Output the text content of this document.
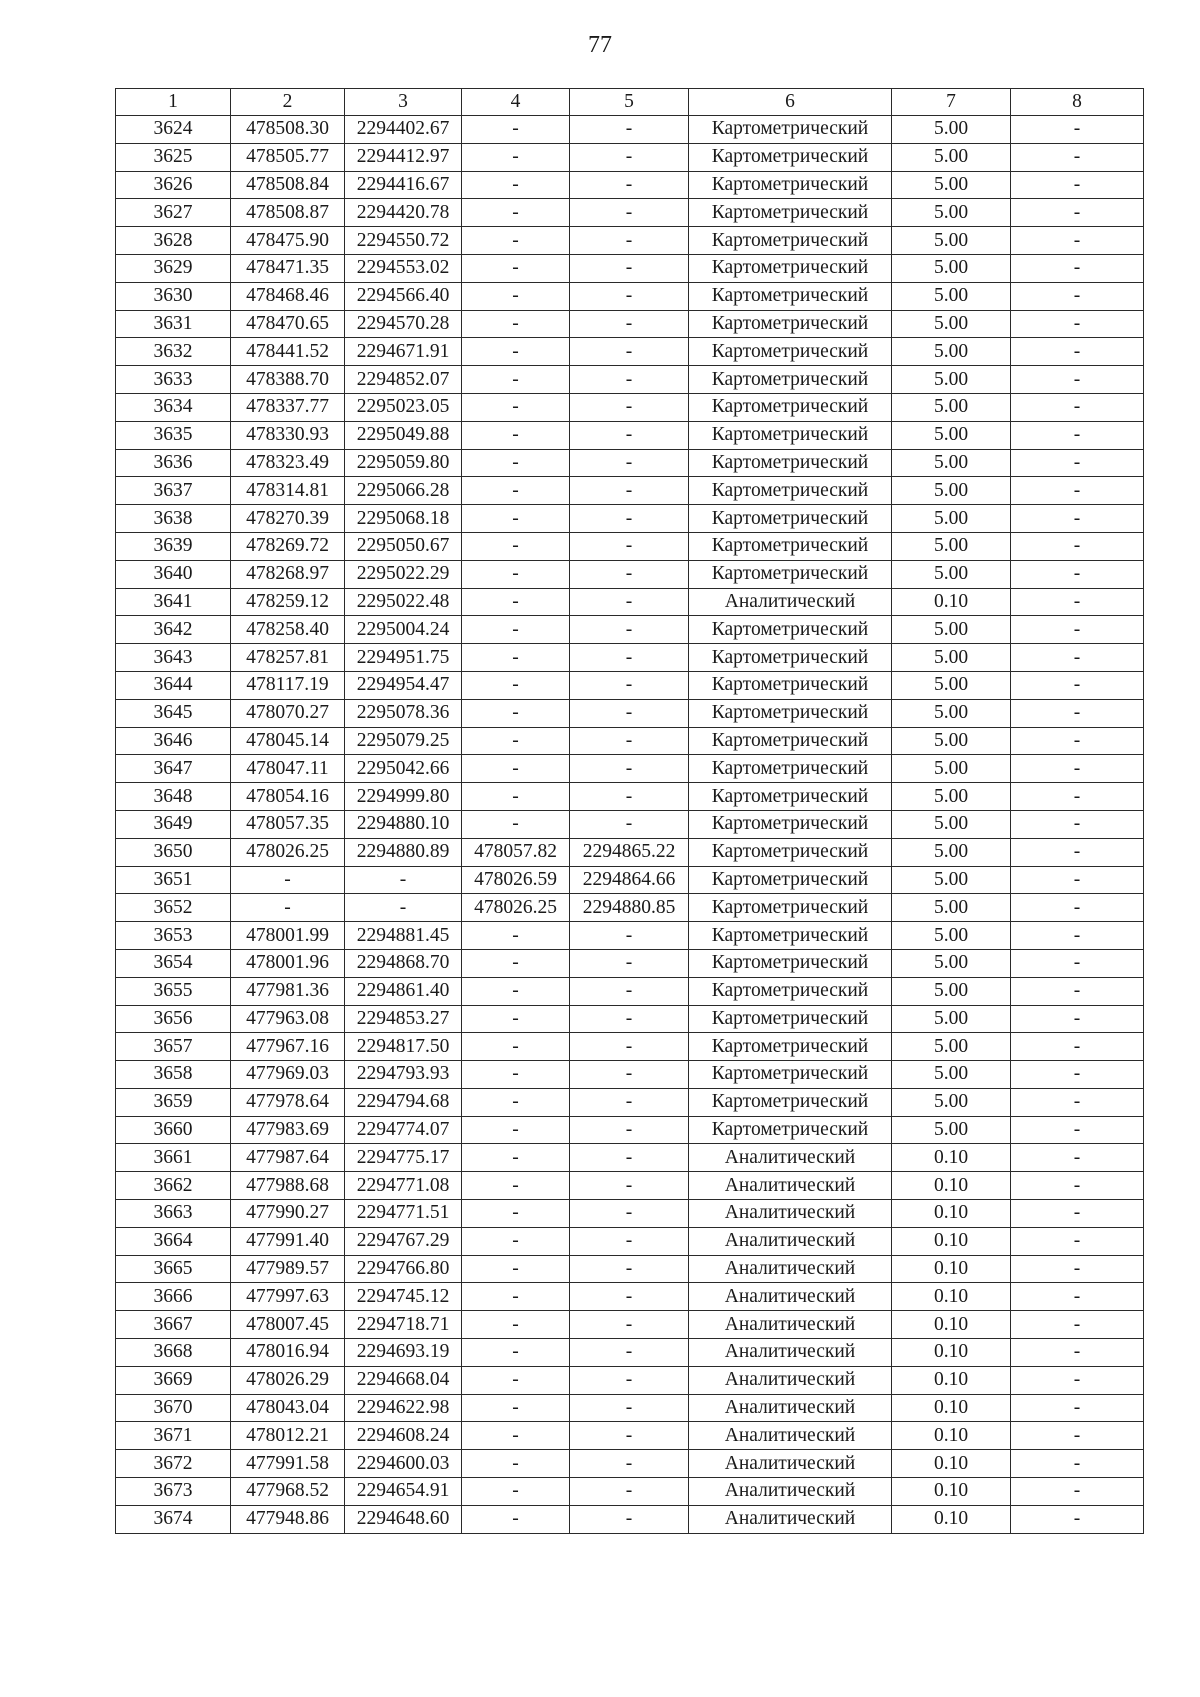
77
1	2	3	4	5	6	7	8
3624	478508.30	2294402.67	-	-	Картометрический	5.00	-
3625	478505.77	2294412.97	-	-	Картометрический	5.00	-
3626	478508.84	2294416.67	-	-	Картометрический	5.00	-
3627	478508.87	2294420.78	-	-	Картометрический	5.00	-
3628	478475.90	2294550.72	-	-	Картометрический	5.00	-
3629	478471.35	2294553.02	-	-	Картометрический	5.00	-
3630	478468.46	2294566.40	-	-	Картометрический	5.00	-
3631	478470.65	2294570.28	-	-	Картометрический	5.00	-
3632	478441.52	2294671.91	-	-	Картометрический	5.00	-
3633	478388.70	2294852.07	-	-	Картометрический	5.00	-
3634	478337.77	2295023.05	-	-	Картометрический	5.00	-
3635	478330.93	2295049.88	-	-	Картометрический	5.00	-
3636	478323.49	2295059.80	-	-	Картометрический	5.00	-
3637	478314.81	2295066.28	-	-	Картометрический	5.00	-
3638	478270.39	2295068.18	-	-	Картометрический	5.00	-
3639	478269.72	2295050.67	-	-	Картометрический	5.00	-
3640	478268.97	2295022.29	-	-	Картометрический	5.00	-
3641	478259.12	2295022.48	-	-	Аналитический	0.10	-
3642	478258.40	2295004.24	-	-	Картометрический	5.00	-
3643	478257.81	2294951.75	-	-	Картометрический	5.00	-
3644	478117.19	2294954.47	-	-	Картометрический	5.00	-
3645	478070.27	2295078.36	-	-	Картометрический	5.00	-
3646	478045.14	2295079.25	-	-	Картометрический	5.00	-
3647	478047.11	2295042.66	-	-	Картометрический	5.00	-
3648	478054.16	2294999.80	-	-	Картометрический	5.00	-
3649	478057.35	2294880.10	-	-	Картометрический	5.00	-
3650	478026.25	2294880.89	478057.82	2294865.22	Картометрический	5.00	-
3651	-	-	478026.59	2294864.66	Картометрический	5.00	-
3652	-	-	478026.25	2294880.85	Картометрический	5.00	-
3653	478001.99	2294881.45	-	-	Картометрический	5.00	-
3654	478001.96	2294868.70	-	-	Картометрический	5.00	-
3655	477981.36	2294861.40	-	-	Картометрический	5.00	-
3656	477963.08	2294853.27	-	-	Картометрический	5.00	-
3657	477967.16	2294817.50	-	-	Картометрический	5.00	-
3658	477969.03	2294793.93	-	-	Картометрический	5.00	-
3659	477978.64	2294794.68	-	-	Картометрический	5.00	-
3660	477983.69	2294774.07	-	-	Картометрический	5.00	-
3661	477987.64	2294775.17	-	-	Аналитический	0.10	-
3662	477988.68	2294771.08	-	-	Аналитический	0.10	-
3663	477990.27	2294771.51	-	-	Аналитический	0.10	-
3664	477991.40	2294767.29	-	-	Аналитический	0.10	-
3665	477989.57	2294766.80	-	-	Аналитический	0.10	-
3666	477997.63	2294745.12	-	-	Аналитический	0.10	-
3667	478007.45	2294718.71	-	-	Аналитический	0.10	-
3668	478016.94	2294693.19	-	-	Аналитический	0.10	-
3669	478026.29	2294668.04	-	-	Аналитический	0.10	-
3670	478043.04	2294622.98	-	-	Аналитический	0.10	-
3671	478012.21	2294608.24	-	-	Аналитический	0.10	-
3672	477991.58	2294600.03	-	-	Аналитический	0.10	-
3673	477968.52	2294654.91	-	-	Аналитический	0.10	-
3674	477948.86	2294648.60	-	-	Аналитический	0.10	-
